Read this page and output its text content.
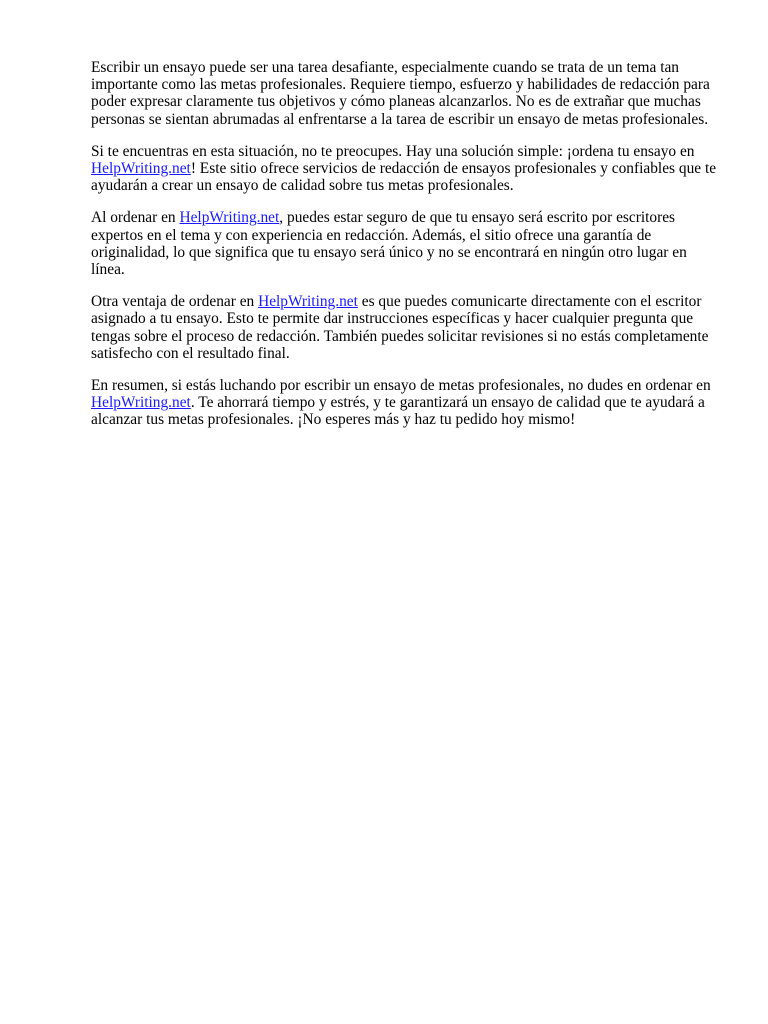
Escribir un ensayo puede ser una tarea desafiante, especialmente cuando se trata de un tema tan importante como las metas profesionales. Requiere tiempo, esfuerzo y habilidades de redacción para poder expresar claramente tus objetivos y cómo planeas alcanzarlos. No es de extrañar que muchas personas se sientan abrumadas al enfrentarse a la tarea de escribir un ensayo de metas profesionales.

Si te encuentras en esta situación, no te preocupes. Hay una solución simple: ¡ordena tu ensayo en HelpWriting.net! Este sitio ofrece servicios de redacción de ensayos profesionales y confiables que te ayudarán a crear un ensayo de calidad sobre tus metas profesionales.

Al ordenar en HelpWriting.net, puedes estar seguro de que tu ensayo será escrito por escritores expertos en el tema y con experiencia en redacción. Además, el sitio ofrece una garantía de originalidad, lo que significa que tu ensayo será único y no se encontrará en ningún otro lugar en línea.

Otra ventaja de ordenar en HelpWriting.net es que puedes comunicarte directamente con el escritor asignado a tu ensayo. Esto te permite dar instrucciones específicas y hacer cualquier pregunta que tengas sobre el proceso de redacción. También puedes solicitar revisiones si no estás completamente satisfecho con el resultado final.

En resumen, si estás luchando por escribir un ensayo de metas profesionales, no dudes en ordenar en HelpWriting.net. Te ahorrará tiempo y estrés, y te garantizará un ensayo de calidad que te ayudará a alcanzar tus metas profesionales. ¡No esperes más y haz tu pedido hoy mismo!
